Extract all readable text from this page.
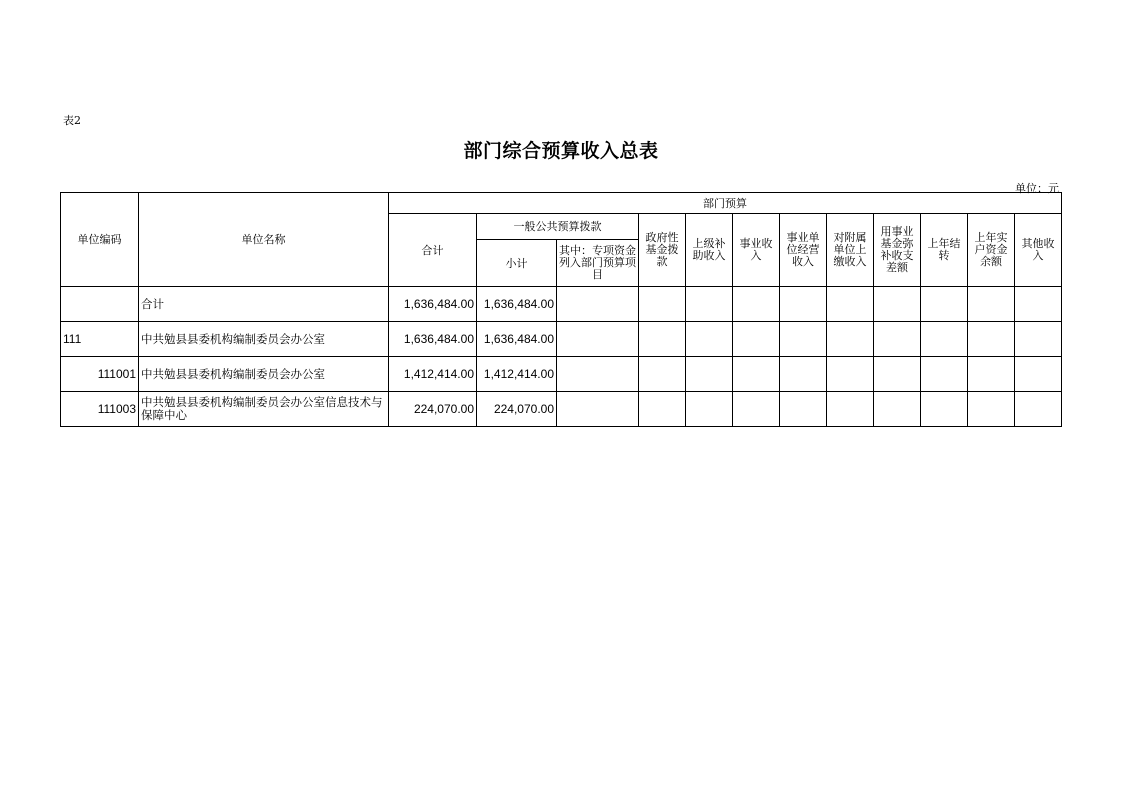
表2
部门综合预算收入总表
单位：元
单位编码	单位名称	部门预算											
		合计	一般公共预算拨款		政府性基金拨款	上级补助收入	事业收入	事业单位经营收入	对附属单位上缴收入	用事业基金弥补收支差额	上年结转	上年实户资金余额	其他收入
			小计	其中：专项资金列入部门预算项目									
	合计	1,636,484.00	1,636,484.00										
111	中共勉县县委机构编制委员会办公室	1,636,484.00	1,636,484.00										
111001	中共勉县县委机构编制委员会办公室	1,412,414.00	1,412,414.00										
111003	中共勉县县委机构编制委员会办公室信息技术与保障中心	224,070.00	224,070.00										
